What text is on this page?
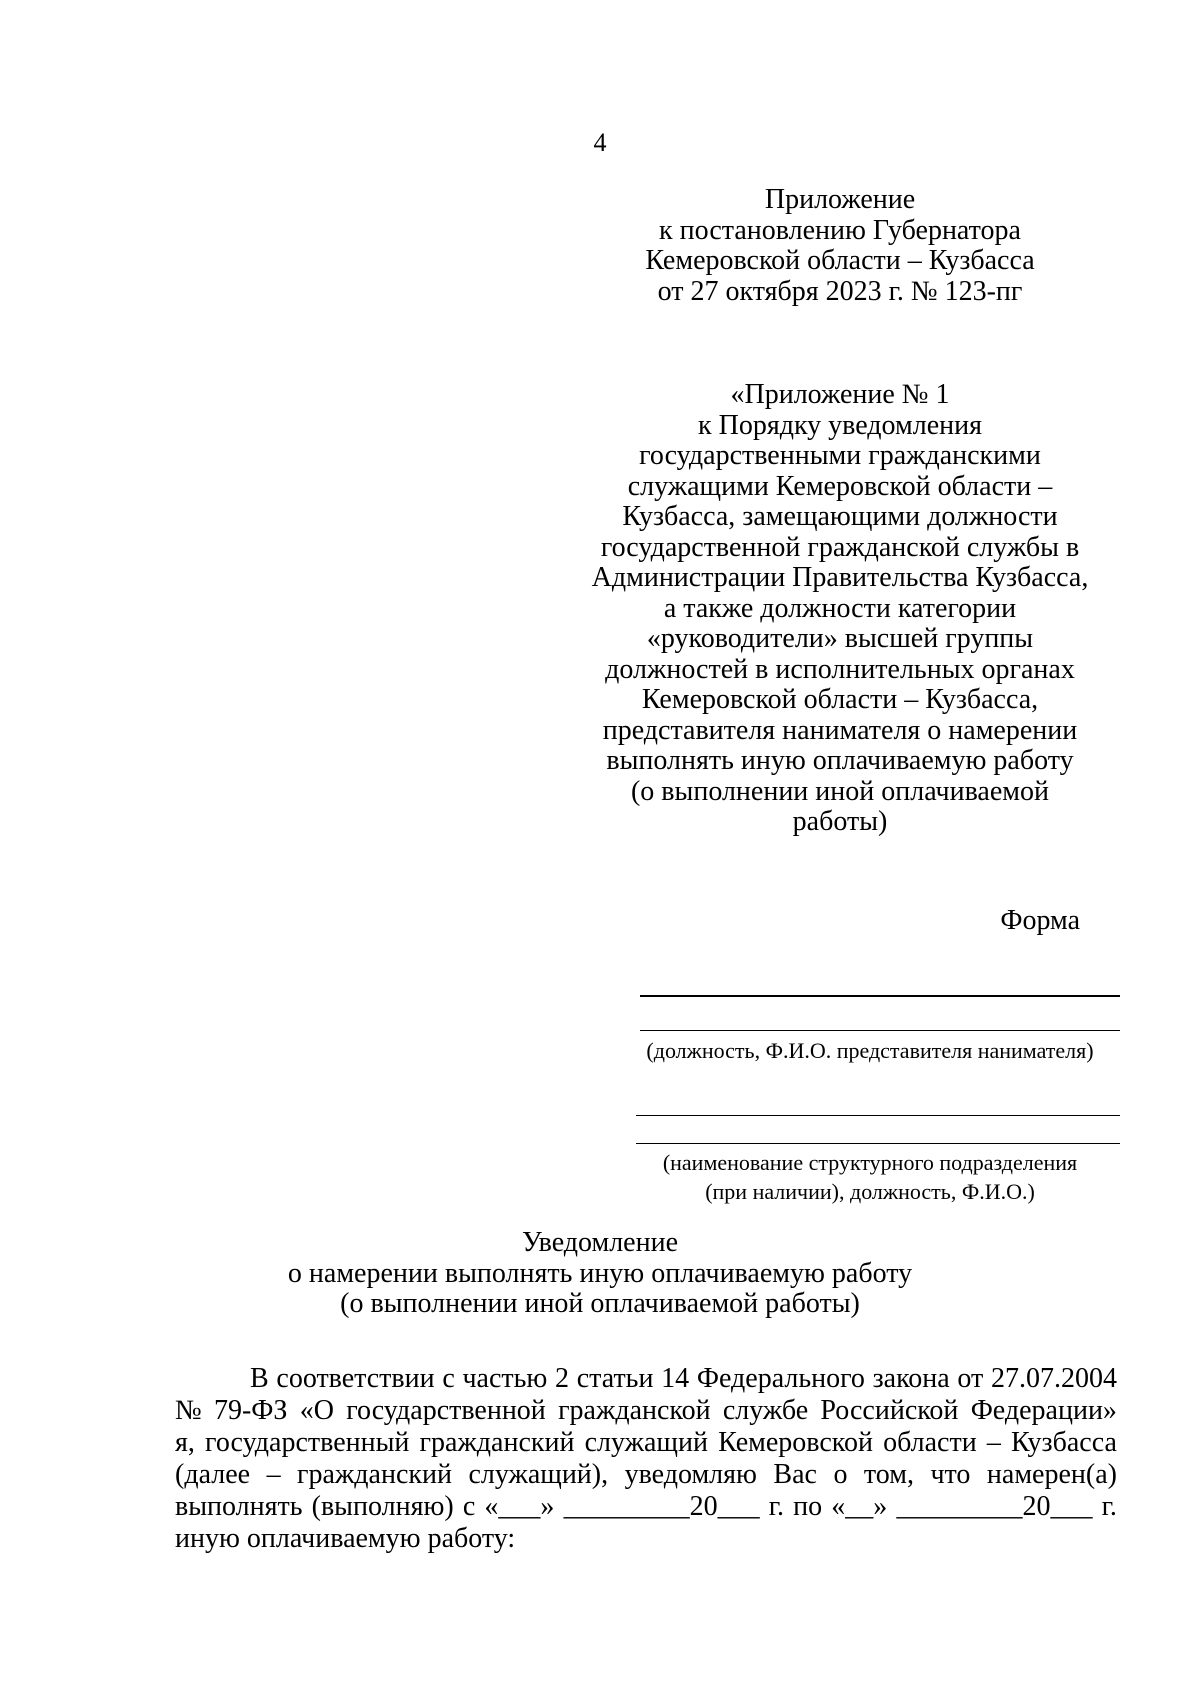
4
Приложение
к постановлению Губернатора
Кемеровской области – Кузбасса
от 27 октября 2023 г. № 123-пг
«Приложение № 1
к Порядку уведомления
государственными гражданскими
служащими Кемеровской области –
Кузбасса, замещающими должности
государственной гражданской службы в
Администрации Правительства Кузбасса,
а также должности категории
«руководители» высшей группы
должностей в исполнительных органах
Кемеровской области – Кузбасса,
представителя нанимателя о намерении
выполнять иную оплачиваемую работу
(о выполнении иной оплачиваемой
работы)
Форма
(должность, Ф.И.О. представителя нанимателя)
(наименование структурного подразделения
(при наличии), должность, Ф.И.О.)
Уведомление
о намерении выполнять иную оплачиваемую работу
(о выполнении иной оплачиваемой работы)
В соответствии с частью 2 статьи 14 Федерального закона от 27.07.2004
№ 79-ФЗ «О государственной гражданской службе Российской Федерации»
я, государственный гражданский служащий Кемеровской области – Кузбасса
(далее – гражданский служащий), уведомляю Вас о том, что намерен(а)
выполнять (выполняю) с «___» _________20___ г. по «__» _________20___ г.
иную
оплачиваемую
работу:
